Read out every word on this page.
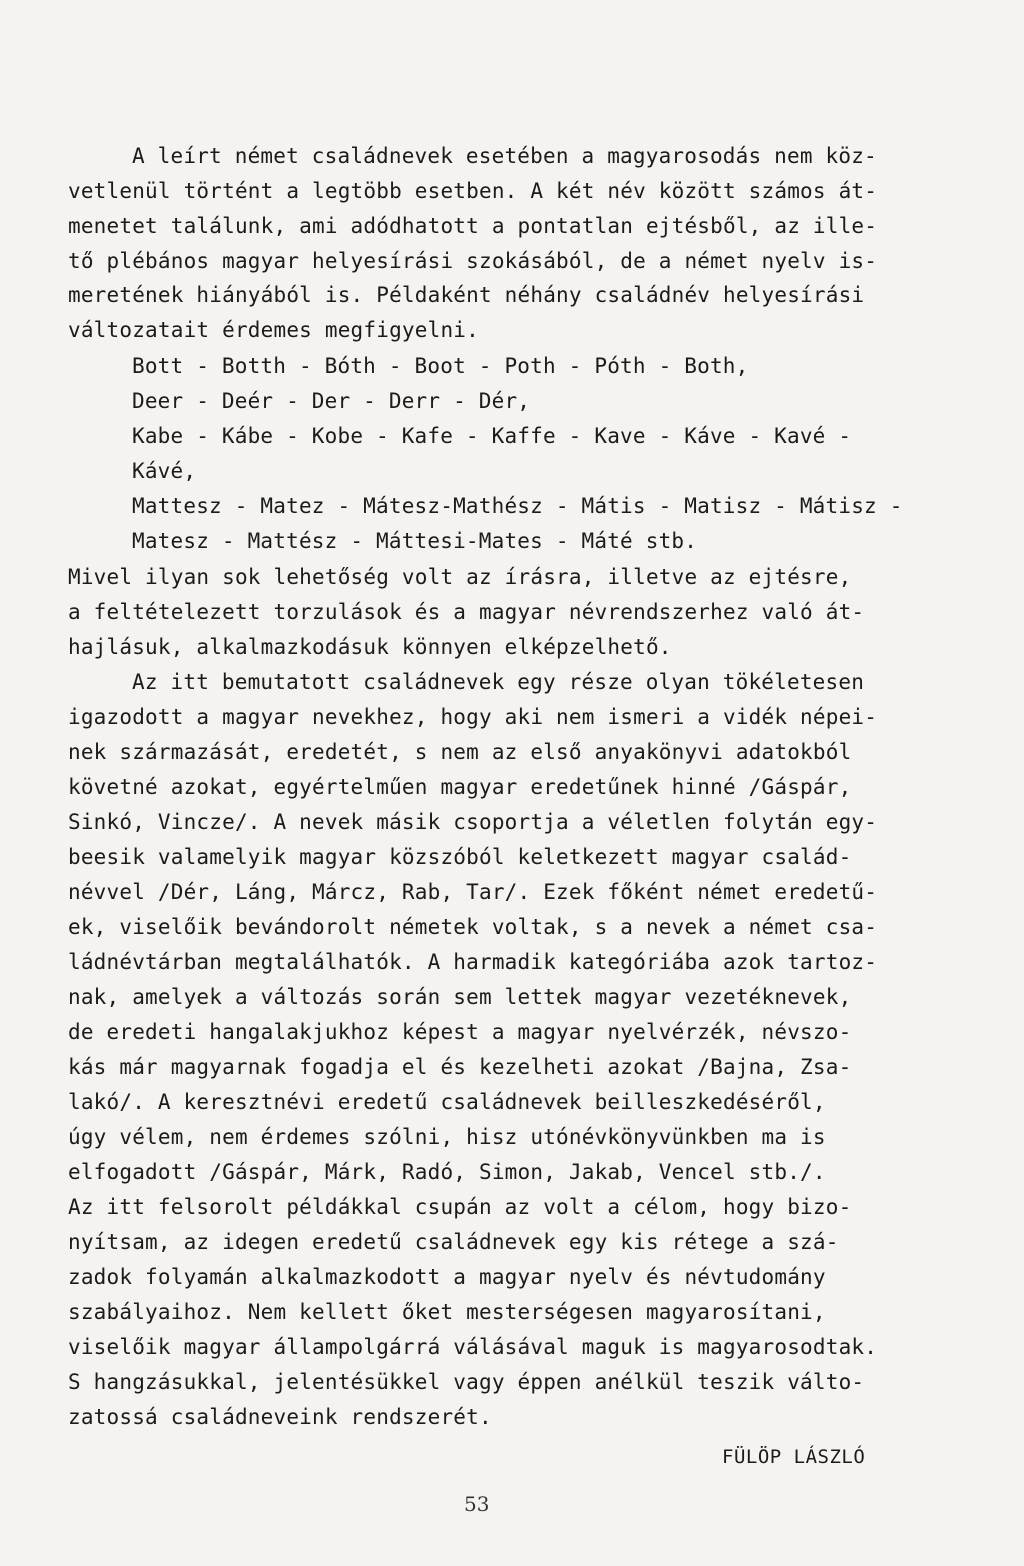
A leírt német családnevek esetében a magyarosodás nem köz-
vetlenül történt a legtöbb esetben. A két név között számos át-
menetet találunk, ami adódhatott a pontatlan ejtésből, az ille-
tő plébános magyar helyesírási szokásából, de a német nyelv is-
meretének hiányából is. Példaként néhány családnév helyesírási
változatait érdemes megfigyelni.
Bott - Botth - Bóth - Boot - Poth - Póth - Both,
Deer - Deér - Der - Derr - Dér,
Kabe - Kábe - Kobe - Kafe - Kaffe - Kave - Káve - Kavé -
Kávé,
Mattesz - Matez - Mátesz-Mathész - Mátis - Matisz - Mátisz -
Matesz - Mattész - Máttesi-Mates - Máté stb.
Mivel ilyan sok lehetőség volt az írásra, illetve az ejtésre,
a feltételezett torzulások és a magyar névrendszerhez való át-
hajlásuk, alkalmazkodásuk könnyen elképzelhető.
Az itt bemutatott családnevek egy része olyan tökéletesen
igazodott a magyar nevekhez, hogy aki nem ismeri a vidék népei-
nek származását, eredetét, s nem az első anyakönyvi adatokból
követné azokat, egyértelműen magyar eredetűnek hinné /Gáspár,
Sinkó, Vincze/. A nevek másik csoportja a véletlen folytán egy-
beesik valamelyik magyar közszóból keletkezett magyar család-
névvel /Dér, Láng, Márcz, Rab, Tar/. Ezek főként német eredetű-
ek, viselőik bevándorolt németek voltak, s a nevek a német csa-
ládnévtárban megtalálhatók. A harmadik kategóriába azok tartoz-
nak, amelyek a változás során sem lettek magyar vezetéknevek,
de eredeti hangalakjukhoz képest a magyar nyelvérzék, névszo-
kás már magyarnak fogadja el és kezelheti azokat /Bajna, Zsa-
lakó/. A keresztnévi eredetű családnevek beilleszkedéséről,
úgy vélem, nem érdemes szólni, hisz utónévkönyvünkben ma is
elfogadott /Gáspár, Márk, Radó, Simon, Jakab, Vencel stb./.
Az itt felsorolt példákkal csupán az volt a célom, hogy bizo-
nyítsam, az idegen eredetű családnevek egy kis rétege a szá-
zadok folyamán alkalmazkodott a magyar nyelv és névtudomány
szabályaihoz. Nem kellett őket mesterségesen magyarosítani,
viselőik magyar állampolgárrá válásával maguk is magyarosodtak.
S hangzásukkal, jelentésükkel vagy éppen anélkül teszik válto-
zatossá családneveink rendszerét.
FÜLÖP LÁSZLÓ
53
